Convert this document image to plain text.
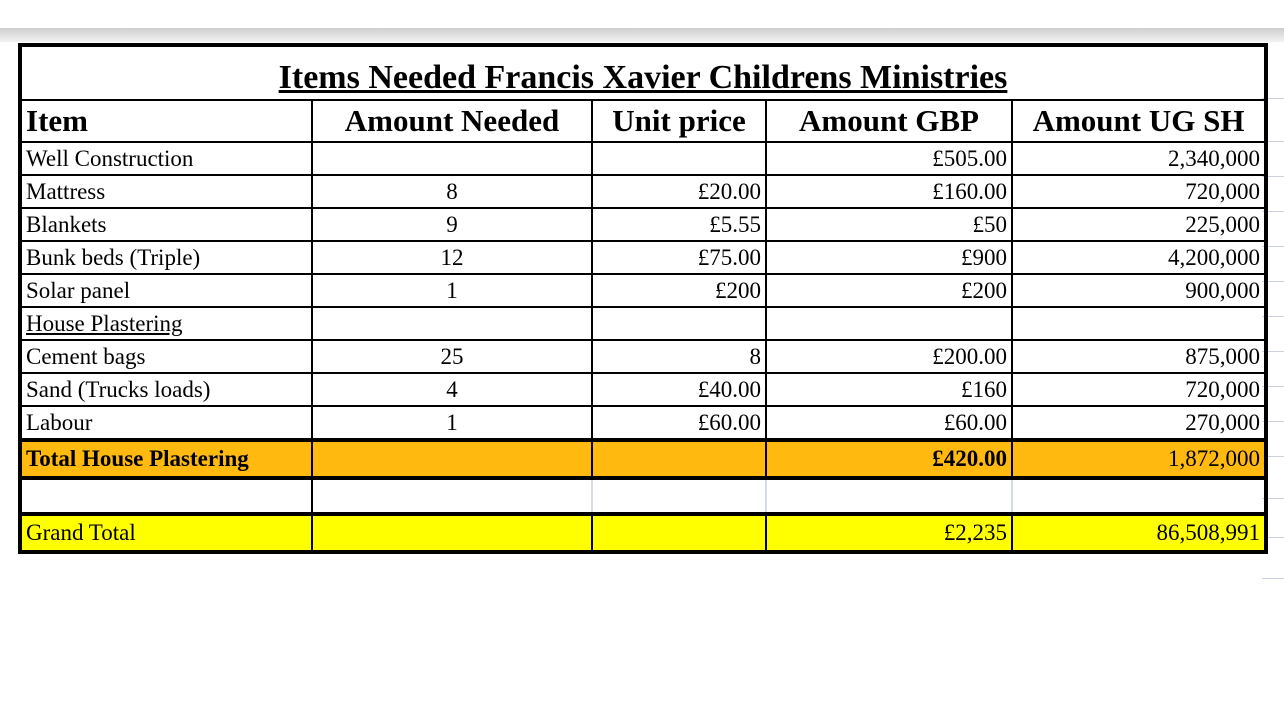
Items Needed Francis Xavier Childrens Ministries				
Item	Amount Needed	Unit price	Amount GBP	Amount UG SH
Well Construction			£505.00	2,340,000
Mattress	8	£20.00	£160.00	720,000
Blankets	9	£5.55	£50	225,000
Bunk beds (Triple)	12	£75.00	£900	4,200,000
Solar panel	1	£200	£200	900,000
House Plastering				
Cement bags	25	8	£200.00	875,000
Sand (Trucks loads)	4	£40.00	£160	720,000
Labour	1	£60.00	£60.00	270,000
Total House Plastering			£420.00	1,872,000

Grand Total			£2,235	86,508,991
